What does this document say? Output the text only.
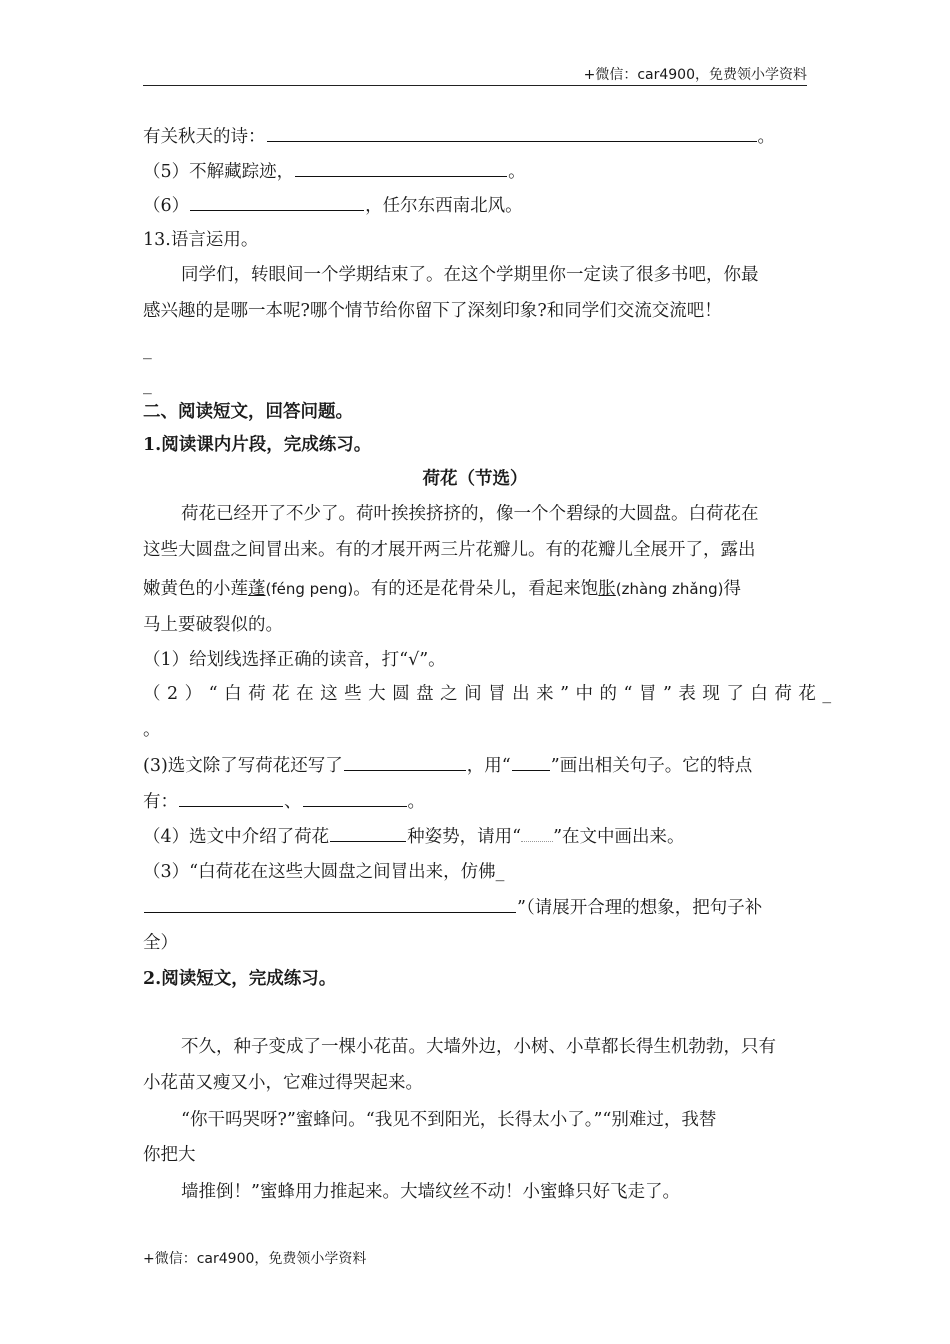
+微信：car4900，免费领小学资料
有关秋天的诗：	。
（5）不解藏踪迹，	。
（6）	，任尔东西南北风。
13.语言运用。
同学们，转眼间一个学期结束了。在这个学期里你一定读了很多书吧，你最
感兴趣的是哪一本呢?哪个情节给你留下了深刻印象?和同学们交流交流吧！
_
_
二、阅读短文，回答问题。
1.阅读课内片段，完成练习。
荷花（节选）
荷花已经开了不少了。荷叶挨挨挤挤的，像一个个碧绿的大圆盘。白荷花在
这些大圆盘之间冒出来。有的才展开两三片花瓣儿。有的花瓣儿全展开了，露出
嫩黄色的小莲蓬(féng peng)。有的还是花骨朵儿，看起来饱胀(zhàng zhǎng)得
马上要破裂似的。
（1）给划线选择正确的读音，打“√”。
（2）“白荷花在这些大圆盘之间冒出来”中的“冒”表现了白荷花_
。
(3)选文除了写荷花还写了	，用“ ”画出相关句子。它的特点
有：	、	。
（4）选文中介绍了荷花	种姿势，请用“ ”在文中画出来。
（3）“白荷花在这些大圆盘之间冒出来，仿佛_
”（请展开合理的想象，把句子补
全）
2.阅读短文，完成练习。
不久，种子变成了一棵小花苗。大墙外边，小树、小草都长得生机勃勃，只有
小花苗又瘦又小，它难过得哭起来。
“你干吗哭呀?”蜜蜂问。“我见不到阳光，长得太小了。”“别难过，我替
你把大
墙推倒！”蜜蜂用力推起来。大墙纹丝不动！小蜜蜂只好飞走了。
+微信：car4900，免费领小学资料
